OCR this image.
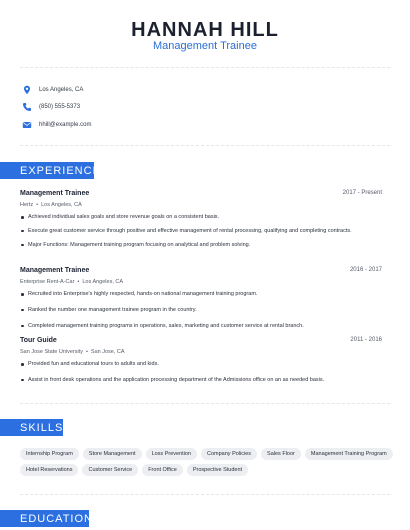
HANNAH HILL
Management Trainee
Los Angeles, CA
(850) 555-5373
hhill@example.com
EXPERIENCE
Management Trainee	2017 - Present
Hertz • Los Angeles, CA
Achieved individual sales goals and store revenue goals on a consistent basis.
Execute great customer service through positive and effective management of rental processing, qualifying and completing contracts.
Major Functions: Management training program focusing on analytical and problem solving.
Management Trainee	2016 - 2017
Enterprise Rent-A-Car • Los Angeles, CA
Recruited into Enterprise's highly respected, hands-on national management training program.
Ranked the number one management trainee program in the country.
Completed management training programs in operations, sales, marketing and customer service at rental branch.
Tour Guide	2011 - 2016
San Jose State University • San Jose, CA
Provided fun and educational tours to adults and kids.
Assist in front desk operations and the application processing department of the Admissions office on an as needed basis.
SKILLS
Internship Program	Store Management	Loss Prevention	Company Policies	Sales Floor	Management Training Program
Hotel Reservations	Customer Service	Front Office	Prospective Student
EDUCATION
